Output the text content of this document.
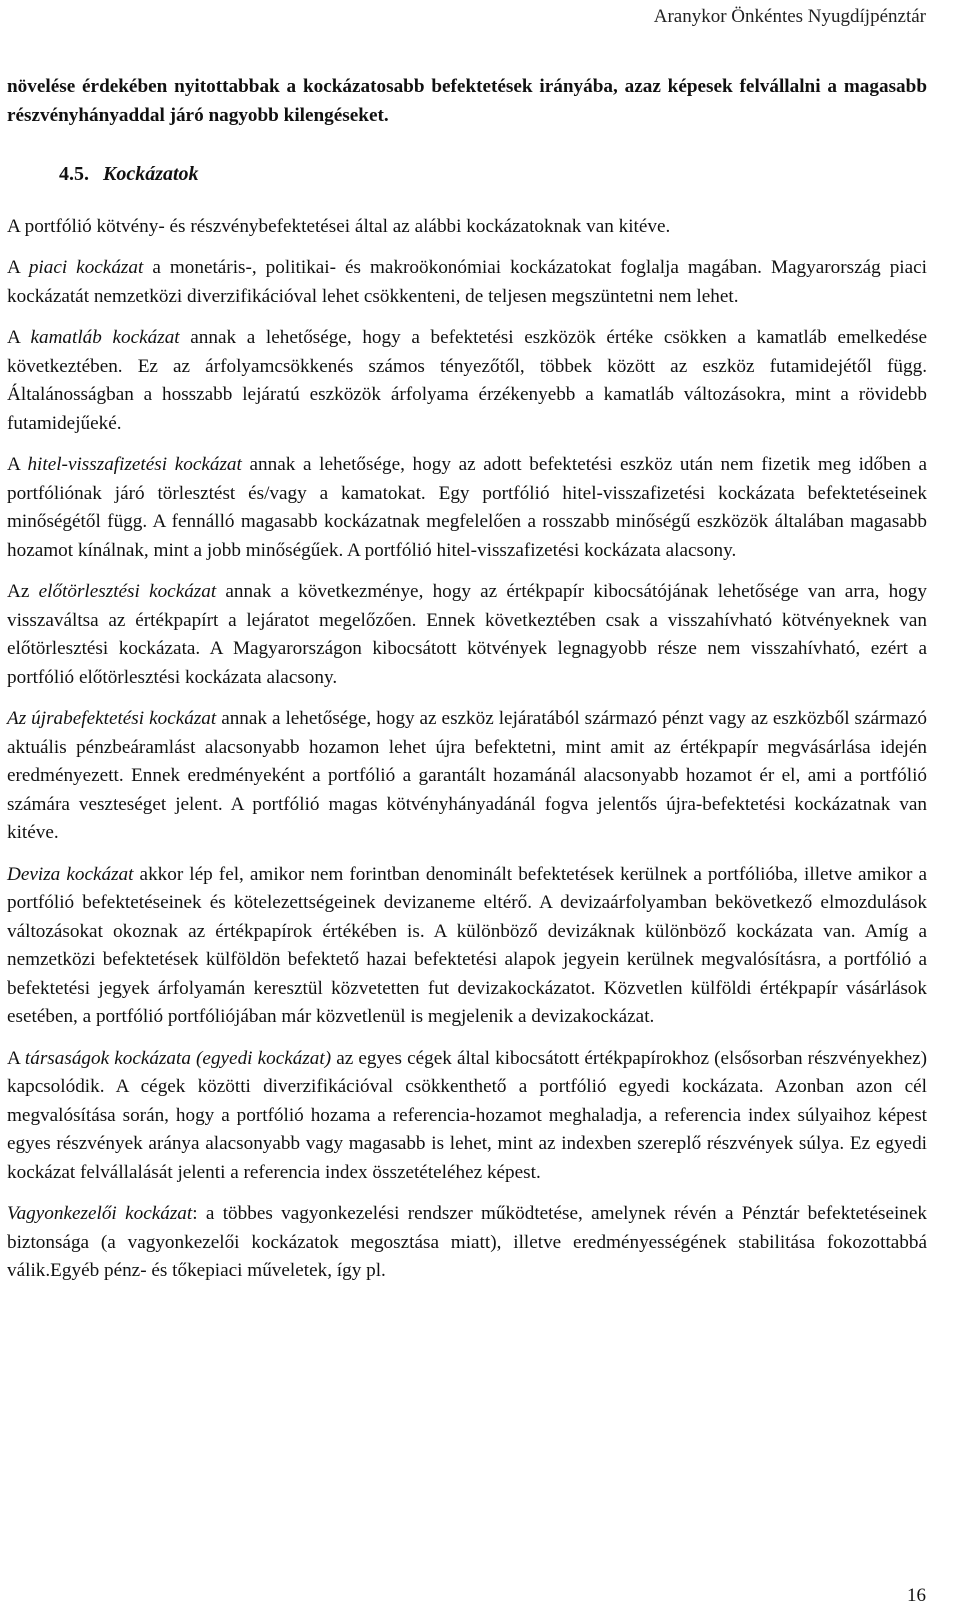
Aranykor Önkéntes Nyugdíjpénztár

növelése érdekében nyitottabbak a kockázatosabb befektetések irányába, azaz képesek felvállalni a magasabb részvényhányaddal járó nagyobb kilengéseket.

4.5. Kockázatok

A portfólió kötvény- és részvénybefektetései által az alábbi kockázatoknak van kitéve.

A piaci kockázat a monetáris-, politikai- és makroökonómiai kockázatokat foglalja magában. Magyarország piaci kockázatát nemzetközi diverzifikációval lehet csökkenteni, de teljesen megszüntetni nem lehet.

A kamatláb kockázat annak a lehetősége, hogy a befektetési eszközök értéke csökken a kamatláb emelkedése következtében. Ez az árfolyamcsökkenés számos tényezőtől, többek között az eszköz futamidejétől függ. Általánosságban a hosszabb lejáratú eszközök árfolyama érzékenyebb a kamatláb változásokra, mint a rövidebb futamidejűeké.

A hitel-visszafizetési kockázat annak a lehetősége, hogy az adott befektetési eszköz után nem fizetik meg időben a portfóliónak járó törlesztést és/vagy a kamatokat. Egy portfólió hitel-visszafizetési kockázata befektetéseinek minőségétől függ. A fennálló magasabb kockázatnak megfelelően a rosszabb minőségű eszközök általában magasabb hozamot kínálnak, mint a jobb minőségűek. A portfólió hitel-visszafizetési kockázata alacsony.

Az előtörlesztési kockázat annak a következménye, hogy az értékpapír kibocsátójának lehetősége van arra, hogy visszaváltsa az értékpapírt a lejáratot megelőzően. Ennek következtében csak a visszahívható kötvényeknek van előtörlesztési kockázata. A Magyarországon kibocsátott kötvények legnagyobb része nem visszahívható, ezért a portfólió előtörlesztési kockázata alacsony.

Az újrabefektetési kockázat annak a lehetősége, hogy az eszköz lejáratából származó pénzt vagy az eszközből származó aktuális pénzbeáramlást alacsonyabb hozamon lehet újra befektetni, mint amit az értékpapír megvásárlása idején eredményezett. Ennek eredményeként a portfólió a garantált hozamánál alacsonyabb hozamot ér el, ami a portfólió számára veszteséget jelent. A portfólió magas kötvényhányadánál fogva jelentős újra-befektetési kockázatnak van kitéve.

Deviza kockázat akkor lép fel, amikor nem forintban denominált befektetések kerülnek a portfólióba, illetve amikor a portfólió befektetéseinek és kötelezettségeinek devizaneme eltérő. A devizaárfolyamban bekövetkező elmozdulások változásokat okoznak az értékpapírok értékében is. A különböző devizáknak különböző kockázata van. Amíg a nemzetközi befektetések külföldön befektető hazai befektetési alapok jegyein kerülnek megvalósításra, a portfólió a befektetési jegyek árfolyamán keresztül közvetetten fut devizakockázatot. Közvetlen külföldi értékpapír vásárlások esetében, a portfólió portfóliójában már közvetlenül is megjelenik a devizakockázat.

A társaságok kockázata (egyedi kockázat) az egyes cégek által kibocsátott értékpapírokhoz (elsősorban részvényekhez) kapcsolódik. A cégek közötti diverzifikációval csökkenthető a portfólió egyedi kockázata. Azonban azon cél megvalósítása során, hogy a portfólió hozama a referencia-hozamot meghaladja, a referencia index súlyaihoz képest egyes részvények aránya alacsonyabb vagy magasabb is lehet, mint az indexben szereplő részvények súlya. Ez egyedi kockázat felvállalását jelenti a referencia index összetételéhez képest.

Vagyonkezelői kockázat: a többes vagyonkezelési rendszer működtetése, amelynek révén a Pénztár befektetéseinek biztonsága (a vagyonkezelői kockázatok megosztása miatt), illetve eredményességének stabilitása fokozottabbá válik.Egyéb pénz- és tőkepiaci műveletek, így pl.

16
